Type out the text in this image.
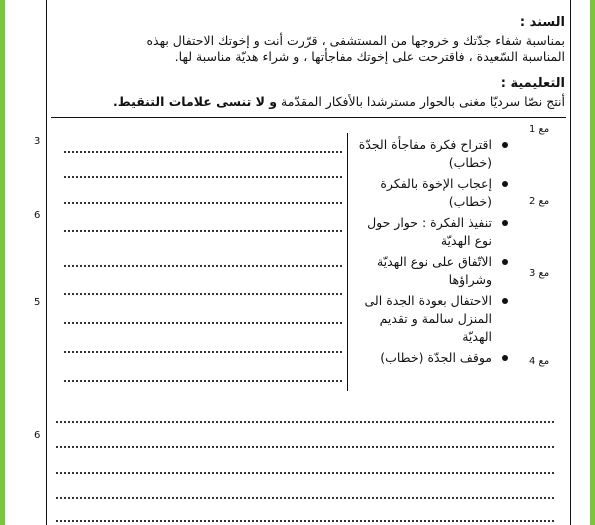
السند :
بمناسبة شفاء جدّتك و خروجها من المستشفى ، قرّرت أنت و إخوتك الاحتفال بهذه
المناسبة السّعيدة ، فاقترحت على إخوتك مفاجأتها ، و شراء هديّة مناسبة لها.
التعليمية :
أنتج نصّا سرديّا مغنى بالحوار مسترشدا بالأفكار المقدّمة و لا تنسى علامات التنقيط.
مع 1
مع 2
مع 3
مع 4
3
6
5
6
اقتراح فكرة مفاجأة الجدّة (خطاب)
إعجاب الإخوة بالفكرة (خطاب)
تنفيذ الفكرة : حوار حول نوع الهديّة
الاتّفاق على نوع الهديّة وشراؤها
الاحتفال بعودة الجدة الى المنزل سالمة و تقديم الهديّة
موقف الجدّة (خطاب)
